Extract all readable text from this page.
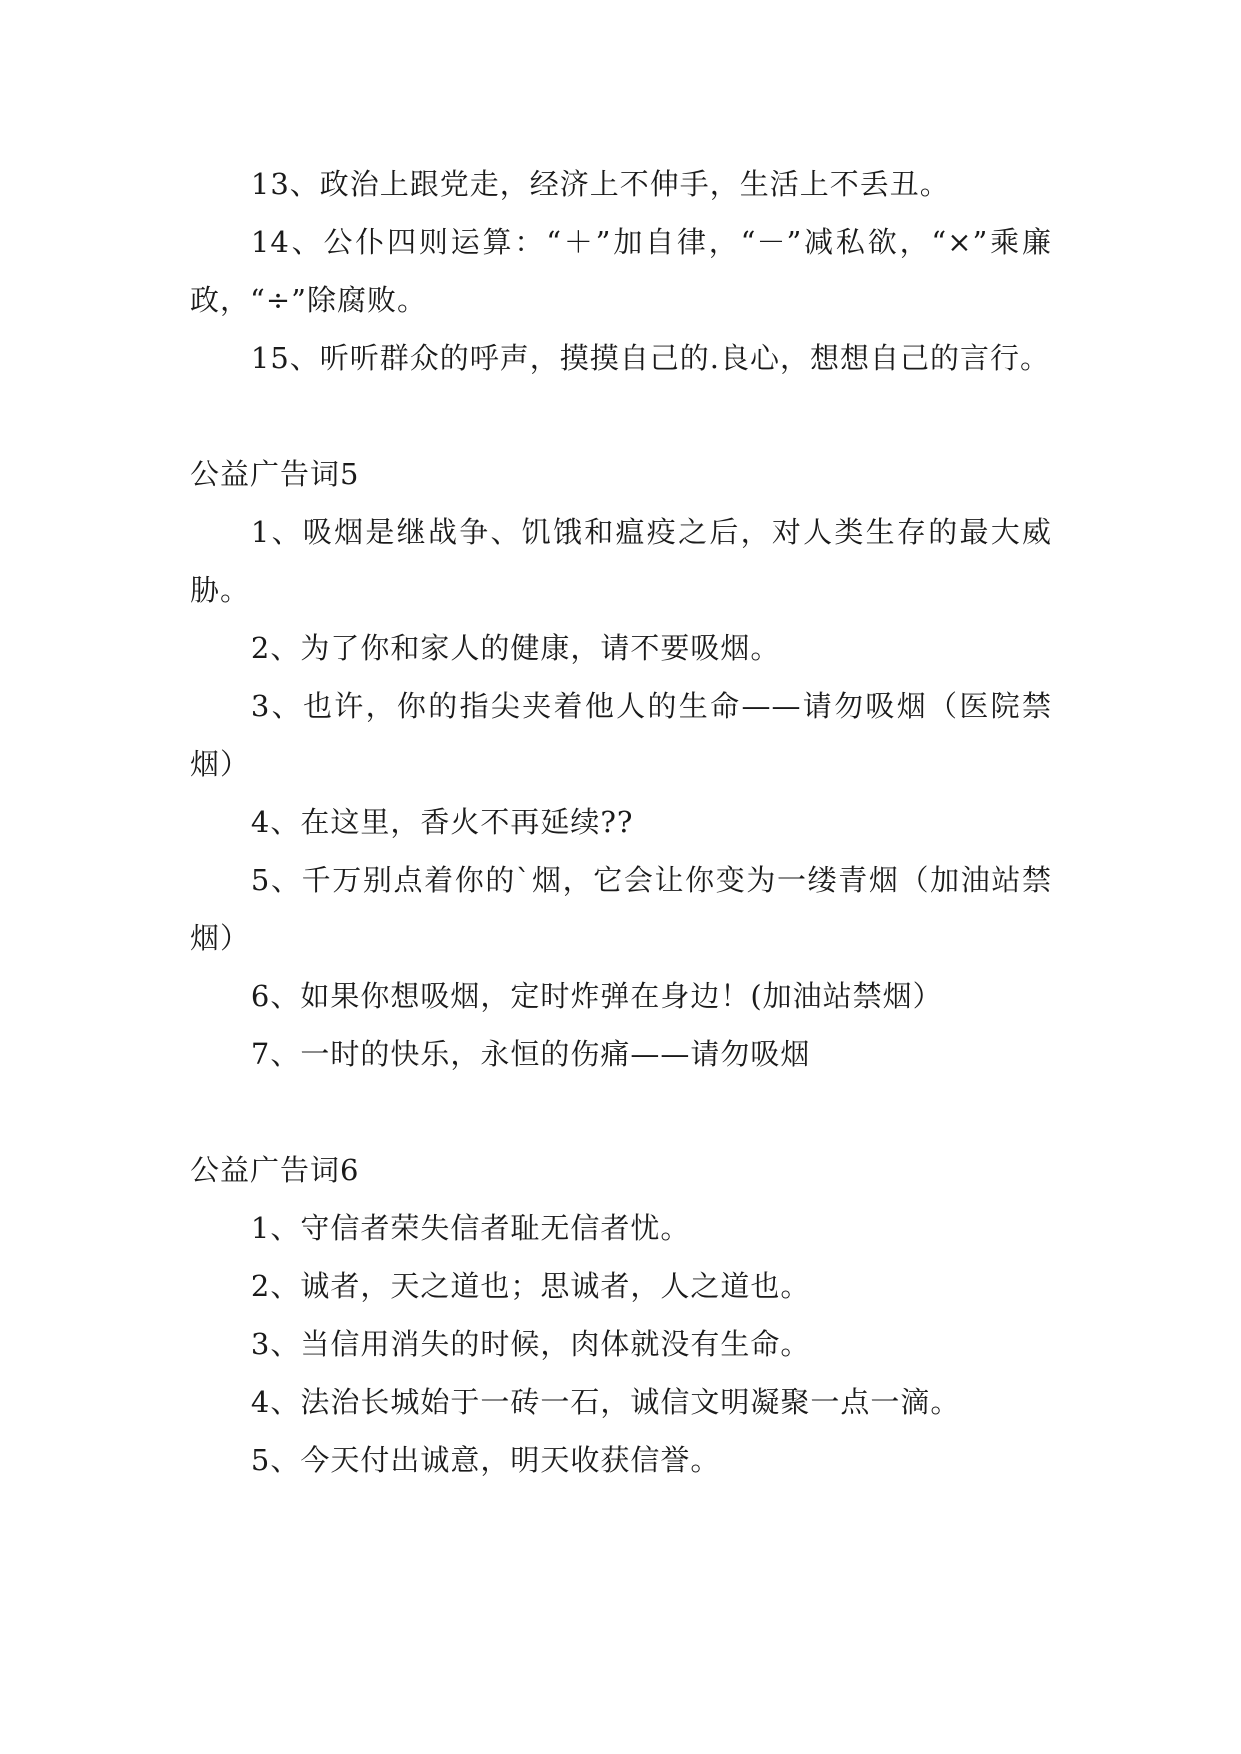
13、政治上跟党走，经济上不伸手，生活上不丢丑。

14、公仆四则运算：“＋”加自律，“－”减私欲，“×”乘廉政，“÷”除腐败。

15、听听群众的呼声，摸摸自己的.良心，想想自己的言行。

公益广告词5

1、吸烟是继战争、饥饿和瘟疫之后，对人类生存的最大威胁。

2、为了你和家人的健康，请不要吸烟。

3、也许，你的指尖夹着他人的生命——请勿吸烟（医院禁烟）

4、在这里，香火不再延续??

5、千万别点着你的`烟，它会让你变为一缕青烟（加油站禁烟）

6、如果你想吸烟，定时炸弹在身边！(加油站禁烟）

7、一时的快乐，永恒的伤痛——请勿吸烟

公益广告词6

1、守信者荣失信者耻无信者忧。

2、诚者，天之道也；思诚者，人之道也。

3、当信用消失的时候，肉体就没有生命。

4、法治长城始于一砖一石，诚信文明凝聚一点一滴。

5、今天付出诚意，明天收获信誉。
